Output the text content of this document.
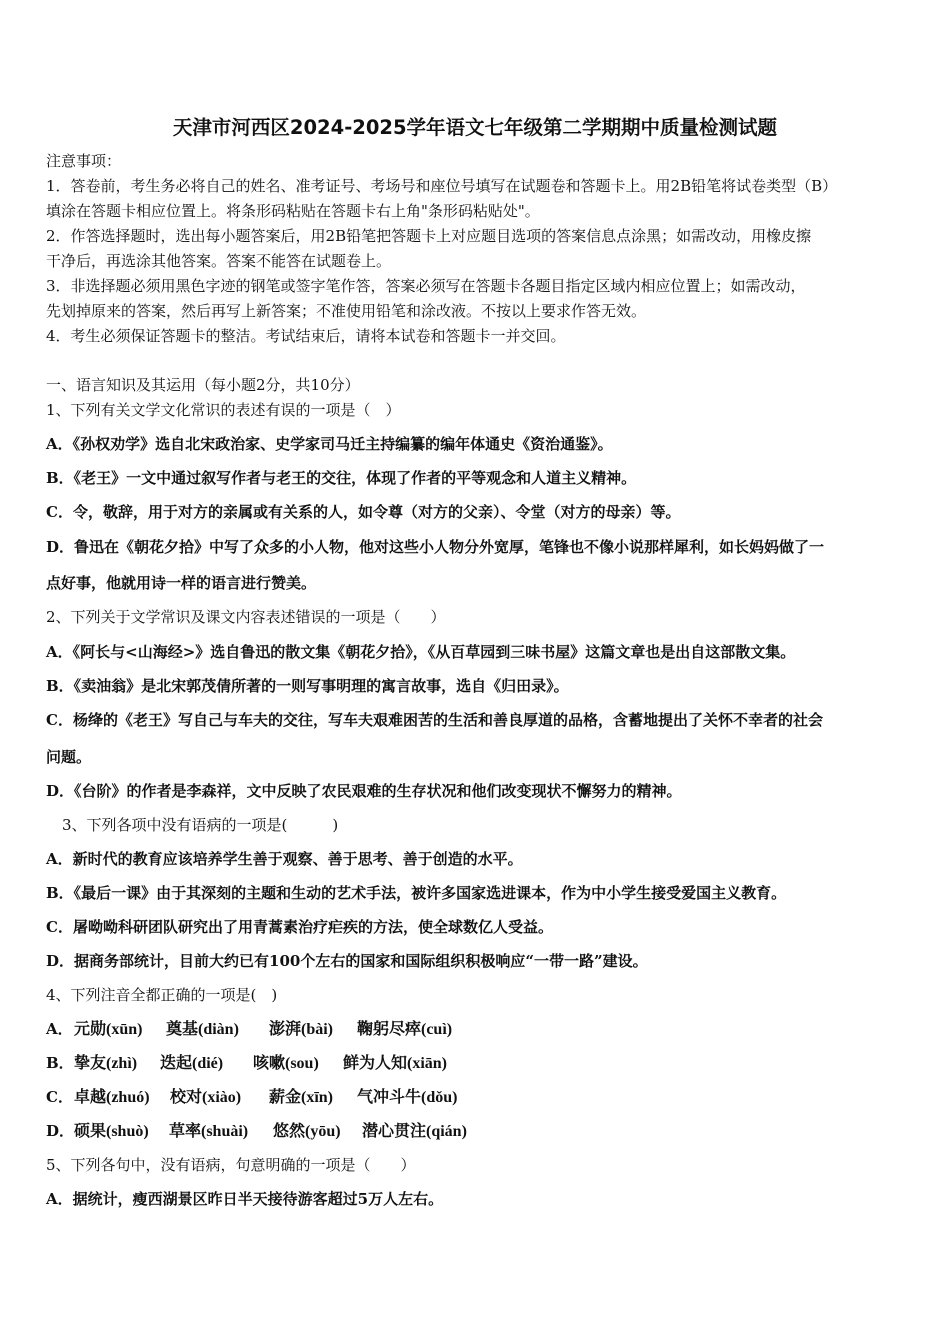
天津市河西区2024-2025学年语文七年级第二学期期中质量检测试题
注意事项：
1．答卷前，考生务必将自己的姓名、准考证号、考场号和座位号填写在试题卷和答题卡上。用2B铅笔将试卷类型（B）
填涂在答题卡相应位置上。将条形码粘贴在答题卡右上角"条形码粘贴处"。
2．作答选择题时，选出每小题答案后，用2B铅笔把答题卡上对应题目选项的答案信息点涂黑；如需改动，用橡皮擦
干净后，再选涂其他答案。答案不能答在试题卷上。
3．非选择题必须用黑色字迹的钢笔或签字笔作答，答案必须写在答题卡各题目指定区域内相应位置上；如需改动，
先划掉原来的答案，然后再写上新答案；不准使用铅笔和涂改液。不按以上要求作答无效。
4．考生必须保证答题卡的整洁。考试结束后，请将本试卷和答题卡一并交回。
一、语言知识及其运用（每小题2分，共10分）
1、下列有关文学文化常识的表述有误的一项是（　）
A．《孙权劝学》选自北宋政治家、史学家司马迁主持编纂的编年体通史《资治通鉴》。
B．《老王》一文中通过叙写作者与老王的交往，体现了作者的平等观念和人道主义精神。
C．令，敬辞，用于对方的亲属或有关系的人，如令尊（对方的父亲）、令堂（对方的母亲）等。
D．鲁迅在《朝花夕拾》中写了众多的小人物，他对这些小人物分外宽厚，笔锋也不像小说那样犀利，如长妈妈做了一
点好事，他就用诗一样的语言进行赞美。
2、下列关于文学常识及课文内容表述错误的一项是（　　）
A．《阿长与<山海经>》选自鲁迅的散文集《朝花夕拾》，《从百草园到三味书屋》这篇文章也是出自这部散文集。
B．《卖油翁》是北宋郭茂倩所著的一则写事明理的寓言故事，选自《归田录》。
C．杨绛的《老王》写自己与车夫的交往，写车夫艰难困苦的生活和善良厚道的品格，含蓄地提出了关怀不幸者的社会
问题。
D．《台阶》的作者是李森祥，文中反映了农民艰难的生存状况和他们改变现状不懈努力的精神。
3、下列各项中没有语病的一项是(　　　)
A．新时代的教育应该培养学生善于观察、善于思考、善于创造的水平。
B．《最后一课》由于其深刻的主题和生动的艺术手法，被许多国家选进课本，作为中小学生接受爱国主义教育。
C．屠呦呦科研团队研究出了用青蒿素治疗疟疾的方法，使全球数亿人受益。
D．据商务部统计，目前大约已有100个左右的国家和国际组织积极响应“一带一路”建设。
4、下列注音全都正确的一项是(　)
A．元勋(xūn) 奠基(diàn) 澎湃(bài) 鞠躬尽瘁(cuì)
B．挚友(zhì) 迭起(dié) 咳嗽(sou) 鲜为人知(xiān)
C．卓越(zhuó) 校对(xiào) 薪金(xīn) 气冲斗牛(dǒu)
D．硕果(shuò) 草率(shuài) 悠然(yōu) 潜心贯注(qián)
5、下列各句中，没有语病，句意明确的一项是（　　）
A．据统计，瘦西湖景区昨日半天接待游客超过5万人左右。
